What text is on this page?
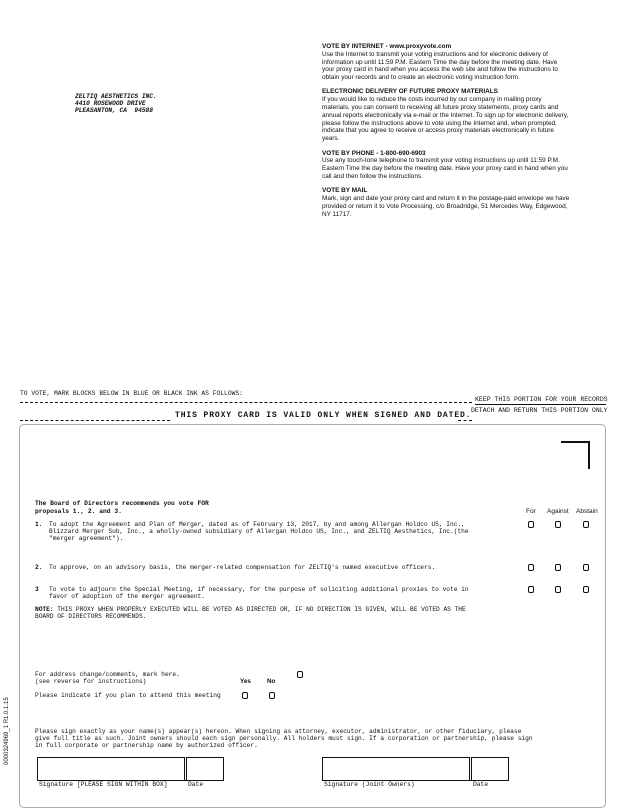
ZELTIQ AESTHETICS INC.
4410 ROSEWOOD DRIVE
PLEASANTON, CA  94588
VOTE BY INTERNET - www.proxyvote.com
Use the Internet to transmit your voting instructions and for electronic delivery of information up until 11:59 P.M. Eastern Time the day before the meeting date. Have your proxy card in hand when you access the web site and follow the instructions to obtain your records and to create an electronic voting instruction form.
ELECTRONIC DELIVERY OF FUTURE PROXY MATERIALS
If you would like to reduce the costs incurred by our company in mailing proxy materials, you can consent to receiving all future proxy statements, proxy cards and annual reports electronically via e-mail or the Internet. To sign up for electronic delivery, please follow the instructions above to vote using the Internet and, when prompted, indicate that you agree to receive or access proxy materials electronically in future years.
VOTE BY PHONE - 1-800-690-6903
Use any touch-tone telephone to transmit your voting instructions up until 11:59 P.M. Eastern Time the day before the meeting date. Have your proxy card in hand when you call and then follow the instructions.
VOTE BY MAIL
Mark, sign and date your proxy card and return it in the postage-paid envelope we have provided or return it to Vote Processing, c/o Broadridge, 51 Mercedes Way, Edgewood, NY 11717.
TO VOTE, MARK BLOCKS BELOW IN BLUE OR BLACK INK AS FOLLOWS:
KEEP THIS PORTION FOR YOUR RECORDS
THIS PROXY CARD IS VALID ONLY WHEN SIGNED AND DATED.
DETACH AND RETURN THIS PORTION ONLY
The Board of Directors recommends you vote FOR
proposals 1., 2. and 3.	For Against Abstain
1. To adopt the Agreement and Plan of Merger, dated as of February 13, 2017, by and among Allergan Holdco US, Inc., Blizzard Merger Sub, Inc., a wholly-owned subsidiary of Allergan Holdco US, Inc., and ZELTIQ Aesthetics, Inc.(the "merger agreement").
2. To approve, on an advisory basis, the merger-related compensation for ZELTIQ's named executive officers.
3 To vote to adjourn the Special Meeting, if necessary, for the purpose of soliciting additional proxies to vote in favor of adoption of the merger agreement.
NOTE: THIS PROXY WHEN PROPERLY EXECUTED WILL BE VOTED AS DIRECTED OR, IF NO DIRECTION IS GIVEN, WILL BE VOTED AS THE BOARD OF DIRECTORS RECOMMENDS.
For address change/comments, mark here.
(see reverse for instructions)	Yes	No
Please indicate if you plan to attend this meeting
Please sign exactly as your name(s) appear(s) hereon. When signing as attorney, executor, administrator, or other fiduciary, please give full title as such. Joint owners should each sign personally. All holders must sign. If a corporation or partnership, please sign in full corporate or partnership name by authorized officer.
Signature [PLEASE SIGN WITHIN BOX]	Date	Signature (Joint Owners)	Date
0000324969_1 R1.0.1.15
